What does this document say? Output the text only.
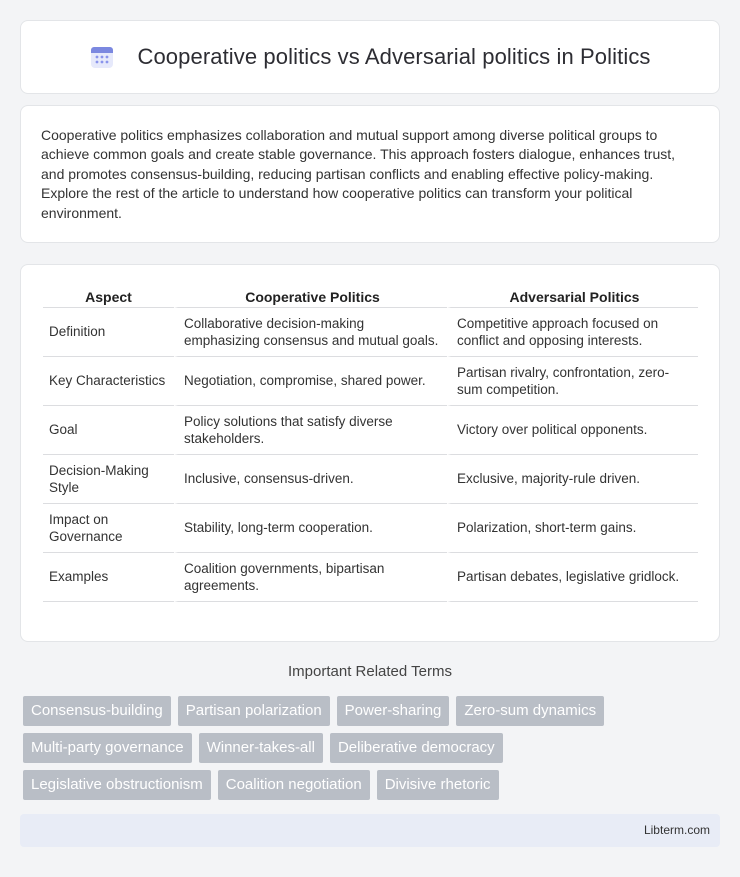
Cooperative politics vs Adversarial politics in Politics

Cooperative politics emphasizes collaboration and mutual support among diverse political groups to achieve common goals and create stable governance. This approach fosters dialogue, enhances trust, and promotes consensus-building, reducing partisan conflicts and enabling effective policy-making. Explore the rest of the article to understand how cooperative politics can transform your political environment.

Aspect	Cooperative Politics	Adversarial Politics
Definition	Collaborative decision-making emphasizing consensus and mutual goals.	Competitive approach focused on conflict and opposing interests.
Key Characteristics	Negotiation, compromise, shared power.	Partisan rivalry, confrontation, zero-sum competition.
Goal	Policy solutions that satisfy diverse stakeholders.	Victory over political opponents.
Decision-Making Style	Inclusive, consensus-driven.	Exclusive, majority-rule driven.
Impact on Governance	Stability, long-term cooperation.	Polarization, short-term gains.
Examples	Coalition governments, bipartisan agreements.	Partisan debates, legislative gridlock.
Important Related Terms
Consensus-building	Partisan polarization	Power-sharing	Zero-sum dynamics
Multi-party governance	Winner-takes-all	Deliberative democracy
Legislative obstructionism	Coalition negotiation	Divisive rhetoric
Libterm.com
